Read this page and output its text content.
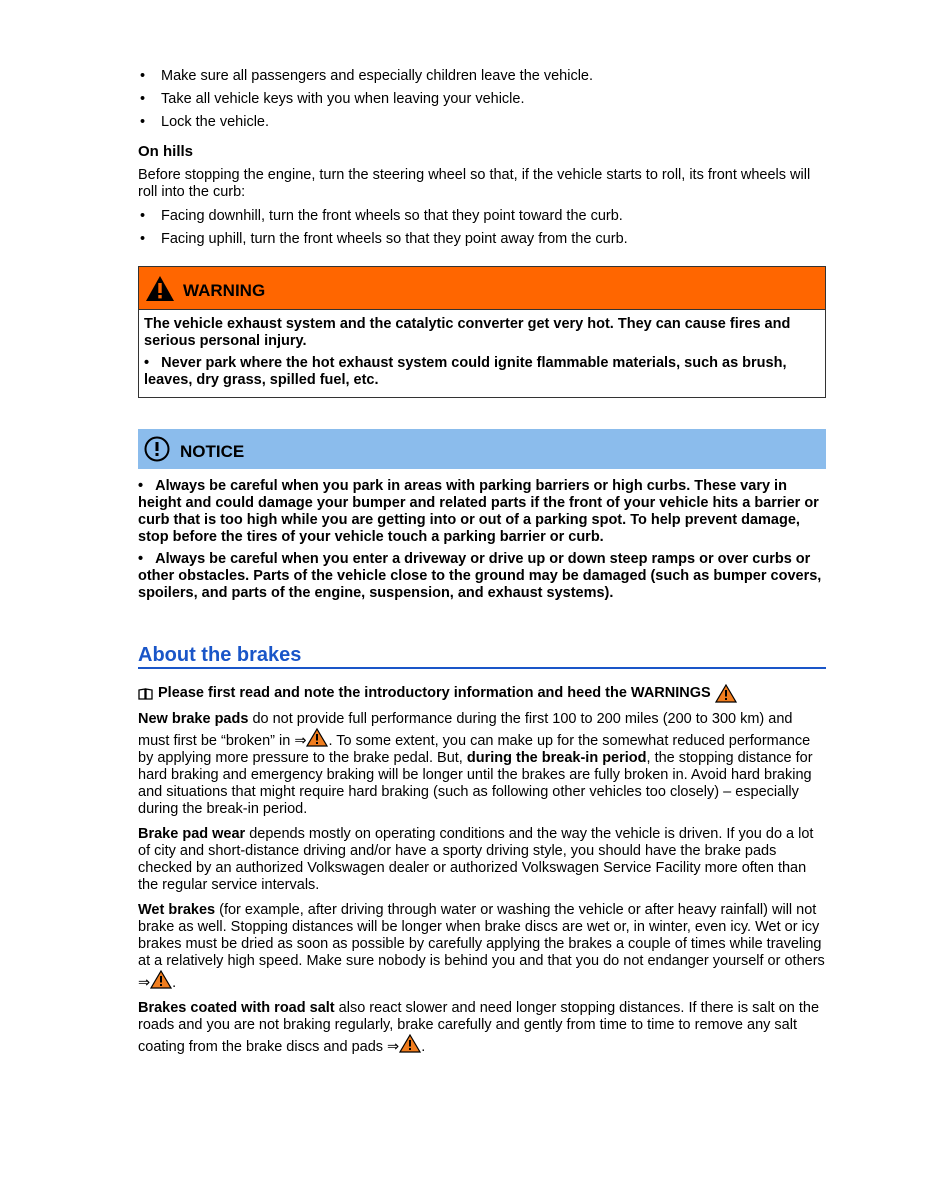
• Make sure all passengers and especially children leave the vehicle.
• Take all vehicle keys with you when leaving your vehicle.
• Lock the vehicle.
On hills

Before stopping the engine, turn the steering wheel so that, if the vehicle starts to roll, its front wheels will roll into the curb:

• Facing downhill, turn the front wheels so that they point toward the curb.
• Facing uphill, turn the front wheels so that they point away from the curb.
WARNING

The vehicle exhaust system and the catalytic converter get very hot. They can cause fires and serious personal injury.

•   Never park where the hot exhaust system could ignite flammable materials, such as brush, leaves, dry grass, spilled fuel, etc.

NOTICE

•   Always be careful when you park in areas with parking barriers or high curbs. These vary in height and could damage your bumper and related parts if the front of your vehicle hits a barrier or curb that is too high while you are getting into or out of a parking spot. To help prevent damage, stop before the tires of your vehicle touch a parking barrier or curb.

•   Always be careful when you enter a driveway or drive up or down steep ramps or over curbs or other obstacles. Parts of the vehicle close to the ground may be damaged (such as bumper covers, spoilers, and parts of the engine, suspension, and exhaust systems).

About the brakes
Please first read and note the introductory information and heed the WARNINGS

New brake pads do not provide full performance during the first 100 to 200 miles (200 to 300 km) and must first be “broken” in ⇒ . To some extent, you can make up for the somewhat reduced performance by applying more pressure to the brake pedal. But, during the break-in period, the stopping distance for hard braking and emergency braking will be longer until the brakes are fully broken in. Avoid hard braking and situations that might require hard braking (such as following other vehicles too closely) – especially during the break-in period.

Brake pad wear depends mostly on operating conditions and the way the vehicle is driven. If you do a lot of city and short-distance driving and/or have a sporty driving style, you should have the brake pads checked by an authorized Volkswagen dealer or authorized Volkswagen Service Facility more often than the regular service intervals.

Wet brakes (for example, after driving through water or washing the vehicle or after heavy rainfall) will not brake as well. Stopping distances will be longer when brake discs are wet or, in winter, even icy. Wet or icy brakes must be dried as soon as possible by carefully applying the brakes a couple of times while traveling at a relatively high speed. Make sure nobody is behind you and that you do not endanger yourself or others ⇒ .

Brakes coated with road salt also react slower and need longer stopping distances. If there is salt on the roads and you are not braking regularly, brake carefully and gently from time to time to remove any salt coating from the brake discs and pads ⇒ .
